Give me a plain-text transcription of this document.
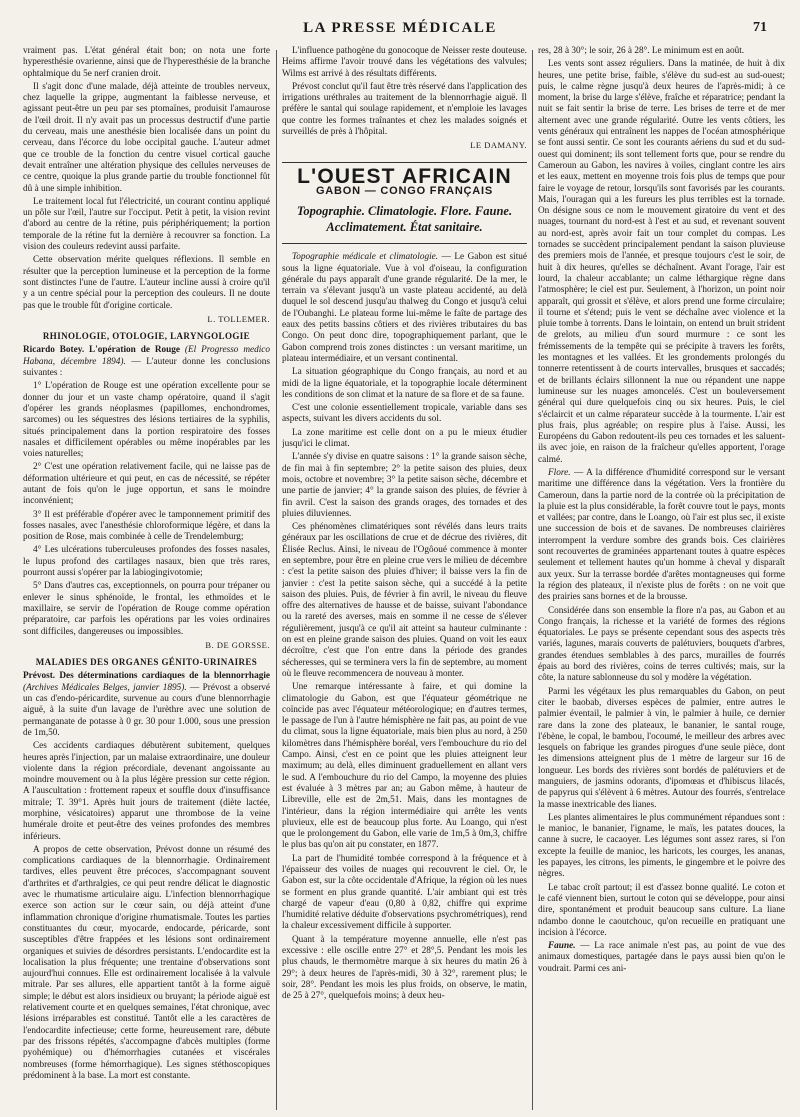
LA PRESSE MÉDICALE	71

vraiment pas. L'état général était bon; on nota une forte hyperesthésie ovarienne, ainsi que de l'hyperesthésie de la branche ophtalmique du 5e nerf cranien droit.

Il s'agit donc d'une malade, déjà atteinte de troubles nerveux, chez laquelle la grippe, augmentant la faiblesse nerveuse, et agissant peut-être un peu par ses ptomaïnes, produisit l'amaurose de l'œil droit. Il n'y avait pas un processus destructif d'une partie du cerveau, mais une anesthésie bien localisée dans un point du cerveau, dans l'écorce du lobe occipital gauche. L'auteur admet que ce trouble de la fonction du centre visuel cortical gauche devait entraîner une altération physique des cellules nerveuses de ce centre, quoique la plus grande partie du trouble fonctionnel fût dû à une simple inhibition.

Le traitement local fut l'électricité, un courant continu appliqué un pôle sur l'œil, l'autre sur l'occiput. Petit à petit, la vision revint d'abord au centre de la rétine, puis périphériquement; la portion temporale de la rétine fut la dernière à recouvrer sa fonction. La vision des couleurs redevint aussi parfaite.

Cette observation mérite quelques réflexions. Il semble en résulter que la perception lumineuse et la perception de la forme sont distinctes l'une de l'autre. L'auteur incline aussi à croire qu'il y a un centre spécial pour la perception des couleurs. Il ne doute pas que le trouble fût d'origine corticale.

L. TOLLEMER.

RHINOLOGIE, OTOLOGIE, LARYNGOLOGIE

Ricardo Botey. L'opération de Rouge (El Progresso medico Habana, décembre 1894). — L'auteur donne les conclusions suivantes :

1° L'opération de Rouge est une opération excellente pour se donner du jour et un vaste champ opératoire, quand il s'agit d'opérer les grands néoplasmes (papillomes, enchondromes, sarcomes) ou les séquestres des lésions tertiaires de la syphilis, situés principalement dans la portion respiratoire des fosses nasales et difficilement opérables ou même inopérables par les voies naturelles;

2° C'est une opération relativement facile, qui ne laisse pas de déformation ultérieure et qui peut, en cas de nécessité, se répéter autant de fois qu'on le juge opportun, et sans le moindre inconvénient;

3° Il est préférable d'opérer avec le tamponnement primitif des fosses nasales, avec l'anesthésie chloroformique légère, et dans la position de Rose, mais combinée à celle de Trendelemburg;

4° Les ulcérations tuberculeuses profondes des fosses nasales, le lupus profond des cartilages nasaux, bien que très rares, pourront aussi s'opérer par la labiogingivotomie;

5° Dans d'autres cas, exceptionnels, on pourra pour trépaner ou enlever le sinus sphénoïde, le frontal, les ethmoïdes et le maxillaire, se servir de l'opération de Rouge comme opération préparatoire, car parfois les opérations par les voies ordinaires sont difficiles, dangereuses ou impossibles.

B. DE GORSSE.

MALADIES DES ORGANES GÉNITO-URINAIRES

Prévost. Des déterminations cardiaques de la blennorrhagie (Archives Médicales Belges, janvier 1895). — Prévost a observé un cas d'endo-péricardite, survenue au cours d'une blennorrhagie aiguë, à la suite d'un lavage de l'urèthre avec une solution de permanganate de potasse à 0 gr. 30 pour 1.000, sous une pression de 1m,50.

Ces accidents cardiaques débutèrent subitement, quelques heures après l'injection, par un malaise extraordinaire, une douleur violente dans la région précordiale, devenant angoissante au moindre mouvement ou à la plus légère pression sur cette région. A l'auscultation : frottement rapeux et souffle doux d'insuffisance mitrale; T. 39°1. Après huit jours de traitement (diète lactée, morphine, vésicatoires) apparut une thrombose de la veine humérale droite et peut-être des veines profondes des membres inférieurs.

A propos de cette observation, Prévost donne un résumé des complications cardiaques de la blennorrhagie. Ordinairement tardives, elles peuvent être précoces, s'accompagnant souvent d'arthrites et d'arthralgies, ce qui peut rendre délicat le diagnostic avec le rhumatisme articulaire aigu. L'infection blennorrhagique exerce son action sur le cœur sain, ou déjà atteint d'une inflammation chronique d'origine rhumatismale. Toutes les parties constituantes du cœur, myocarde, endocarde, péricarde, sont susceptibles d'être frappées et les lésions sont ordinairement organiques et suivies de désordres persistants. L'endocardite est la localisation la plus fréquente; une trentaine d'observations sont aujourd'hui connues. Elle est ordinairement localisée à la valvule mitrale. Par ses allures, elle appartient tantôt à la forme aiguë simple; le début est alors insidieux ou bruyant; la période aiguë est relativement courte et en quelques semaines, l'état chronique, avec lésions irréparables est constitué. Tantôt elle a les caractères de l'endocardite infectieuse; cette forme, heureusement rare, débute par des frissons répétés, s'accompagne d'abcès multiples (forme pyohémique) ou d'hémorrhagies cutanées et viscérales nombreuses (forme hémorrhagique). Les signes stéthoscopiques prédominent à la base. La mort est constante.

L'influence pathogène du gonocoque de Neisser reste douteuse. Heims affirme l'avoir trouvé dans les végétations des valvules; Wilms est arrivé à des résultats différents.

Prévost conclut qu'il faut être très réservé dans l'application des irrigations uréthrales au traitement de la blennorrhagie aiguë. Il préfère le santal qui soulage rapidement, et n'emploie les lavages que contre les formes traînantes et chez les malades soignés et surveillés de près à l'hôpital.

LE DAMANY.

L'OUEST AFRICAIN
GABON — CONGO FRANÇAIS
Topographie. Climatologie. Flore. Faune. Acclimatement. État sanitaire.

Topographie médicale et climatologie. — Le Gabon est situé sous la ligne équatoriale. Vue à vol d'oiseau, la configuration générale du pays apparaît d'une grande régularité. De la mer, le terrain va s'élevant jusqu'à un vaste plateau accidenté, au delà duquel le sol descend jusqu'au thalweg du Congo et jusqu'à celui de l'Oubanghi. Le plateau forme lui-même le faîte de partage des eaux des petits bassins côtiers et des rivières tributaires du bas Congo. On peut donc dire, topographiquement parlant, que le Gabon comprend trois zones distinctes : un versant maritime, un plateau intermédiaire, et un versant continental.

La situation géographique du Congo français, au nord et au midi de la ligne équatoriale, et la topographie locale déterminent les conditions de son climat et la nature de sa flore et de sa faune.

C'est une colonie essentiellement tropicale, variable dans ses aspects, suivant les divers accidents du sol.

La zone maritime est celle dont on a pu le mieux étudier jusqu'ici le climat.

L'année s'y divise en quatre saisons : 1° la grande saison sèche, de fin mai à fin septembre; 2° la petite saison des pluies, deux mois, octobre et novembre; 3° la petite saison sèche, décembre et une partie de janvier; 4° la grande saison des pluies, de février à fin avril. C'est la saison des grands orages, des tornades et des pluies diluviennes.

Ces phénomènes climatériques sont révélés dans leurs traits généraux par les oscillations de crue et de décrue des rivières, dit Élisée Reclus. Ainsi, le niveau de l'Ogôoué commence à monter en septembre, pour être en pleine crue vers le milieu de décembre : c'est la petite saison des pluies d'hiver; il baisse vers la fin de janvier : c'est la petite saison sèche, qui a succédé à la petite saison des pluies. Puis, de février à fin avril, le niveau du fleuve offre des alternatives de hausse et de baisse, suivant l'abondance ou la rareté des averses, mais en somme il ne cesse de s'élever régulièrement, jusqu'à ce qu'il ait atteint sa hauteur culminante : on est en pleine grande saison des pluies. Quand on voit les eaux décroître, c'est que l'on entre dans la période des grandes sécheresses, qui se terminera vers la fin de septembre, au moment où le fleuve recommencera de nouveau à monter.

Une remarque intéressante à faire, et qui domine la climatologie du Gabon, est que l'équateur géométrique ne coïncide pas avec l'équateur météorologique; en d'autres termes, le passage de l'un à l'autre hémisphère ne fait pas, au point de vue du climat, sous la ligne équatoriale, mais bien plus au nord, à 250 kilomètres dans l'hémisphère boréal, vers l'embouchure du rio del Campo. Ainsi, c'est en ce point que les pluies atteignent leur maximum; au delà, elles diminuent graduellement en allant vers le sud. A l'embouchure du rio del Campo, la moyenne des pluies est évaluée à 3 mètres par an; au Gabon même, à hauteur de Libreville, elle est de 2m,51. Mais, dans les montagnes de l'intérieur, dans la région intermédiaire qui arrête les vents pluvieux, elle est de beaucoup plus forte. Au Loango, qui n'est que le prolongement du Gabon, elle varie de 1m,5 à 0m,3, chiffre le plus bas qu'on ait pu constater, en 1877.

La part de l'humidité tombée correspond à la fréquence et à l'épaisseur des voiles de nuages qui recouvrent le ciel. Or, le Gabon est, sur la côte occidentale d'Afrique, la région où les nues se forment en plus grande quantité. L'air ambiant qui est très chargé de vapeur d'eau (0,80 à 0,82, chiffre qui exprime l'humidité relative déduite d'observations psychrométriques), rend la chaleur excessivement difficile à supporter.

Quant à la température moyenne annuelle, elle n'est pas excessive : elle oscille entre 27° et 28°,5. Pendant les mois les plus chauds, le thermomètre marque à six heures du matin 26 à 29°; à deux heures de l'après-midi, 30 à 32°, rarement plus; le soir, 28°. Pendant les mois les plus froids, on observe, le matin, de 25 à 27°, quelquefois moins; à deux heu-

res, 28 à 30°; le soir, 26 à 28°. Le minimum est en août.

Les vents sont assez réguliers. Dans la matinée, de huit à dix heures, une petite brise, faible, s'élève du sud-est au sud-ouest; puis, le calme règne jusqu'à deux heures de l'après-midi; à ce moment, la brise du large s'élève, fraîche et réparatrice; pendant la nuit se fait sentir la brise de terre. Les brises de terre et de mer alternent avec une grande régularité. Outre les vents côtiers, les vents généraux qui entraînent les nappes de l'océan atmosphérique se font aussi sentir. Ce sont les courants aériens du sud et du sud-ouest qui dominent; ils sont tellement forts que, pour se rendre du Cameroun au Gabon, les navires à voiles, cinglant contre les airs et les eaux, mettent en moyenne trois fois plus de temps que pour faire le voyage de retour, lorsqu'ils sont favorisés par les courants. Mais, l'ouragan qui a les fureurs les plus terribles est la tornade. On désigne sous ce nom le mouvement giratoire du vent et des nuages, tournant du nord-est à l'est et au sud, et revenant souvent au nord-est, après avoir fait un tour complet du compas. Les tornades se succèdent principalement pendant la saison pluvieuse des premiers mois de l'année, et presque toujours c'est le soir, de huit à dix heures, qu'elles se déchaînent. Avant l'orage, l'air est lourd, la chaleur accablante; un calme léthargique règne dans l'atmosphère; le ciel est pur. Seulement, à l'horizon, un point noir apparaît, qui grossit et s'élève, et alors prend une forme circulaire; il tourne et s'étend; puis le vent se déchaîne avec violence et la pluie tombe à torrents. Dans le lointain, on entend un bruit strident de grelots, au milieu d'un sourd murmure : ce sont les frémissements de la tempête qui se précipite à travers les forêts, les montagnes et les vallées. Et les grondements prolongés du tonnerre retentissent à de courts intervalles, brusques et saccadés; et de brillants éclairs sillonnent la nue ou répandent une nappe lumineuse sur les nuages amoncelés. C'est un bouleversement général qui dure quelquefois cinq ou six heures. Puis, le ciel s'éclaircit et un calme réparateur succède à la tourmente. L'air est plus frais, plus agréable; on respire plus à l'aise. Aussi, les Européens du Gabon redoutent-ils peu ces tornades et les saluent-ils avec joie, en raison de la fraîcheur qu'elles apportent, l'orage calmé.

Flore. — A la différence d'humidité correspond sur le versant maritime une différence dans la végétation. Vers la frontière du Cameroun, dans la partie nord de la contrée où la précipitation de la pluie est la plus considérable, la forêt couvre tout le pays, monts et vallées; par contre, dans le Loango, où l'air est plus sec, il existe une succession de bois et de savanes. De nombreuses clairières interrompent la verdure sombre des grands bois. Ces clairières sont recouvertes de graminées appartenant toutes à quatre espèces seulement et tellement hautes qu'un homme à cheval y disparaît aux yeux. Sur la terrasse bordée d'arêtes montagneuses qui forme la région des plateaux, il n'existe plus de forêts : on ne voit que des prairies sans bornes et de la brousse.

Considérée dans son ensemble la flore n'a pas, au Gabon et au Congo français, la richesse et la variété de formes des régions équatoriales. Le pays se présente cependant sous des aspects très variés, lagunes, marais couverts de palétuviers, bouquets d'arbres, grandes étendues semblables à des parcs, murailles de fourrés épais au bord des rivières, coins de terres cultivés; mais, sur la côte, la nature sablonneuse du sol y modère la végétation.

Parmi les végétaux les plus remarquables du Gabon, on peut citer le baobab, diverses espèces de palmier, entre autres le palmier éventail, le palmier à vin, le palmier à huile, ce dernier rare dans la zone des plateaux, le bananier, le santal rouge, l'ébène, le copal, le bambou, l'ocoumé, le meilleur des arbres avec lesquels on fabrique les grandes pirogues d'une seule pièce, dont les dimensions atteignent plus de 1 mètre de largeur sur 16 de longueur. Les bords des rivières sont bordés de palétuviers et de manguiers, de jasmins odorants, d'ipomœas et d'hibiscus lilacés, de papyrus qui s'élèvent à 6 mètres. Autour des fourrés, s'entrelace la masse inextricable des lianes.

Les plantes alimentaires le plus communément répandues sont : le manioc, le bananier, l'igname, le maïs, les patates douces, la canne à sucre, le cacaoyer. Les légumes sont assez rares, si l'on excepte la feuille de manioc, les haricots, les courges, les ananas, les papayes, les citrons, les piments, le gingembre et le poivre des nègres.

Le tabac croît partout; il est d'assez bonne qualité. Le coton et le café viennent bien, surtout le coton qui se développe, pour ainsi dire, spontanément et produit beaucoup sans culture. La liane ndambo donne le caoutchouc, qu'on recueille en pratiquant une incision à l'écorce.

Faune. — La race animale n'est pas, au point de vue des animaux domestiques, partagée dans le pays aussi bien qu'on le voudrait. Parmi ces ani-
